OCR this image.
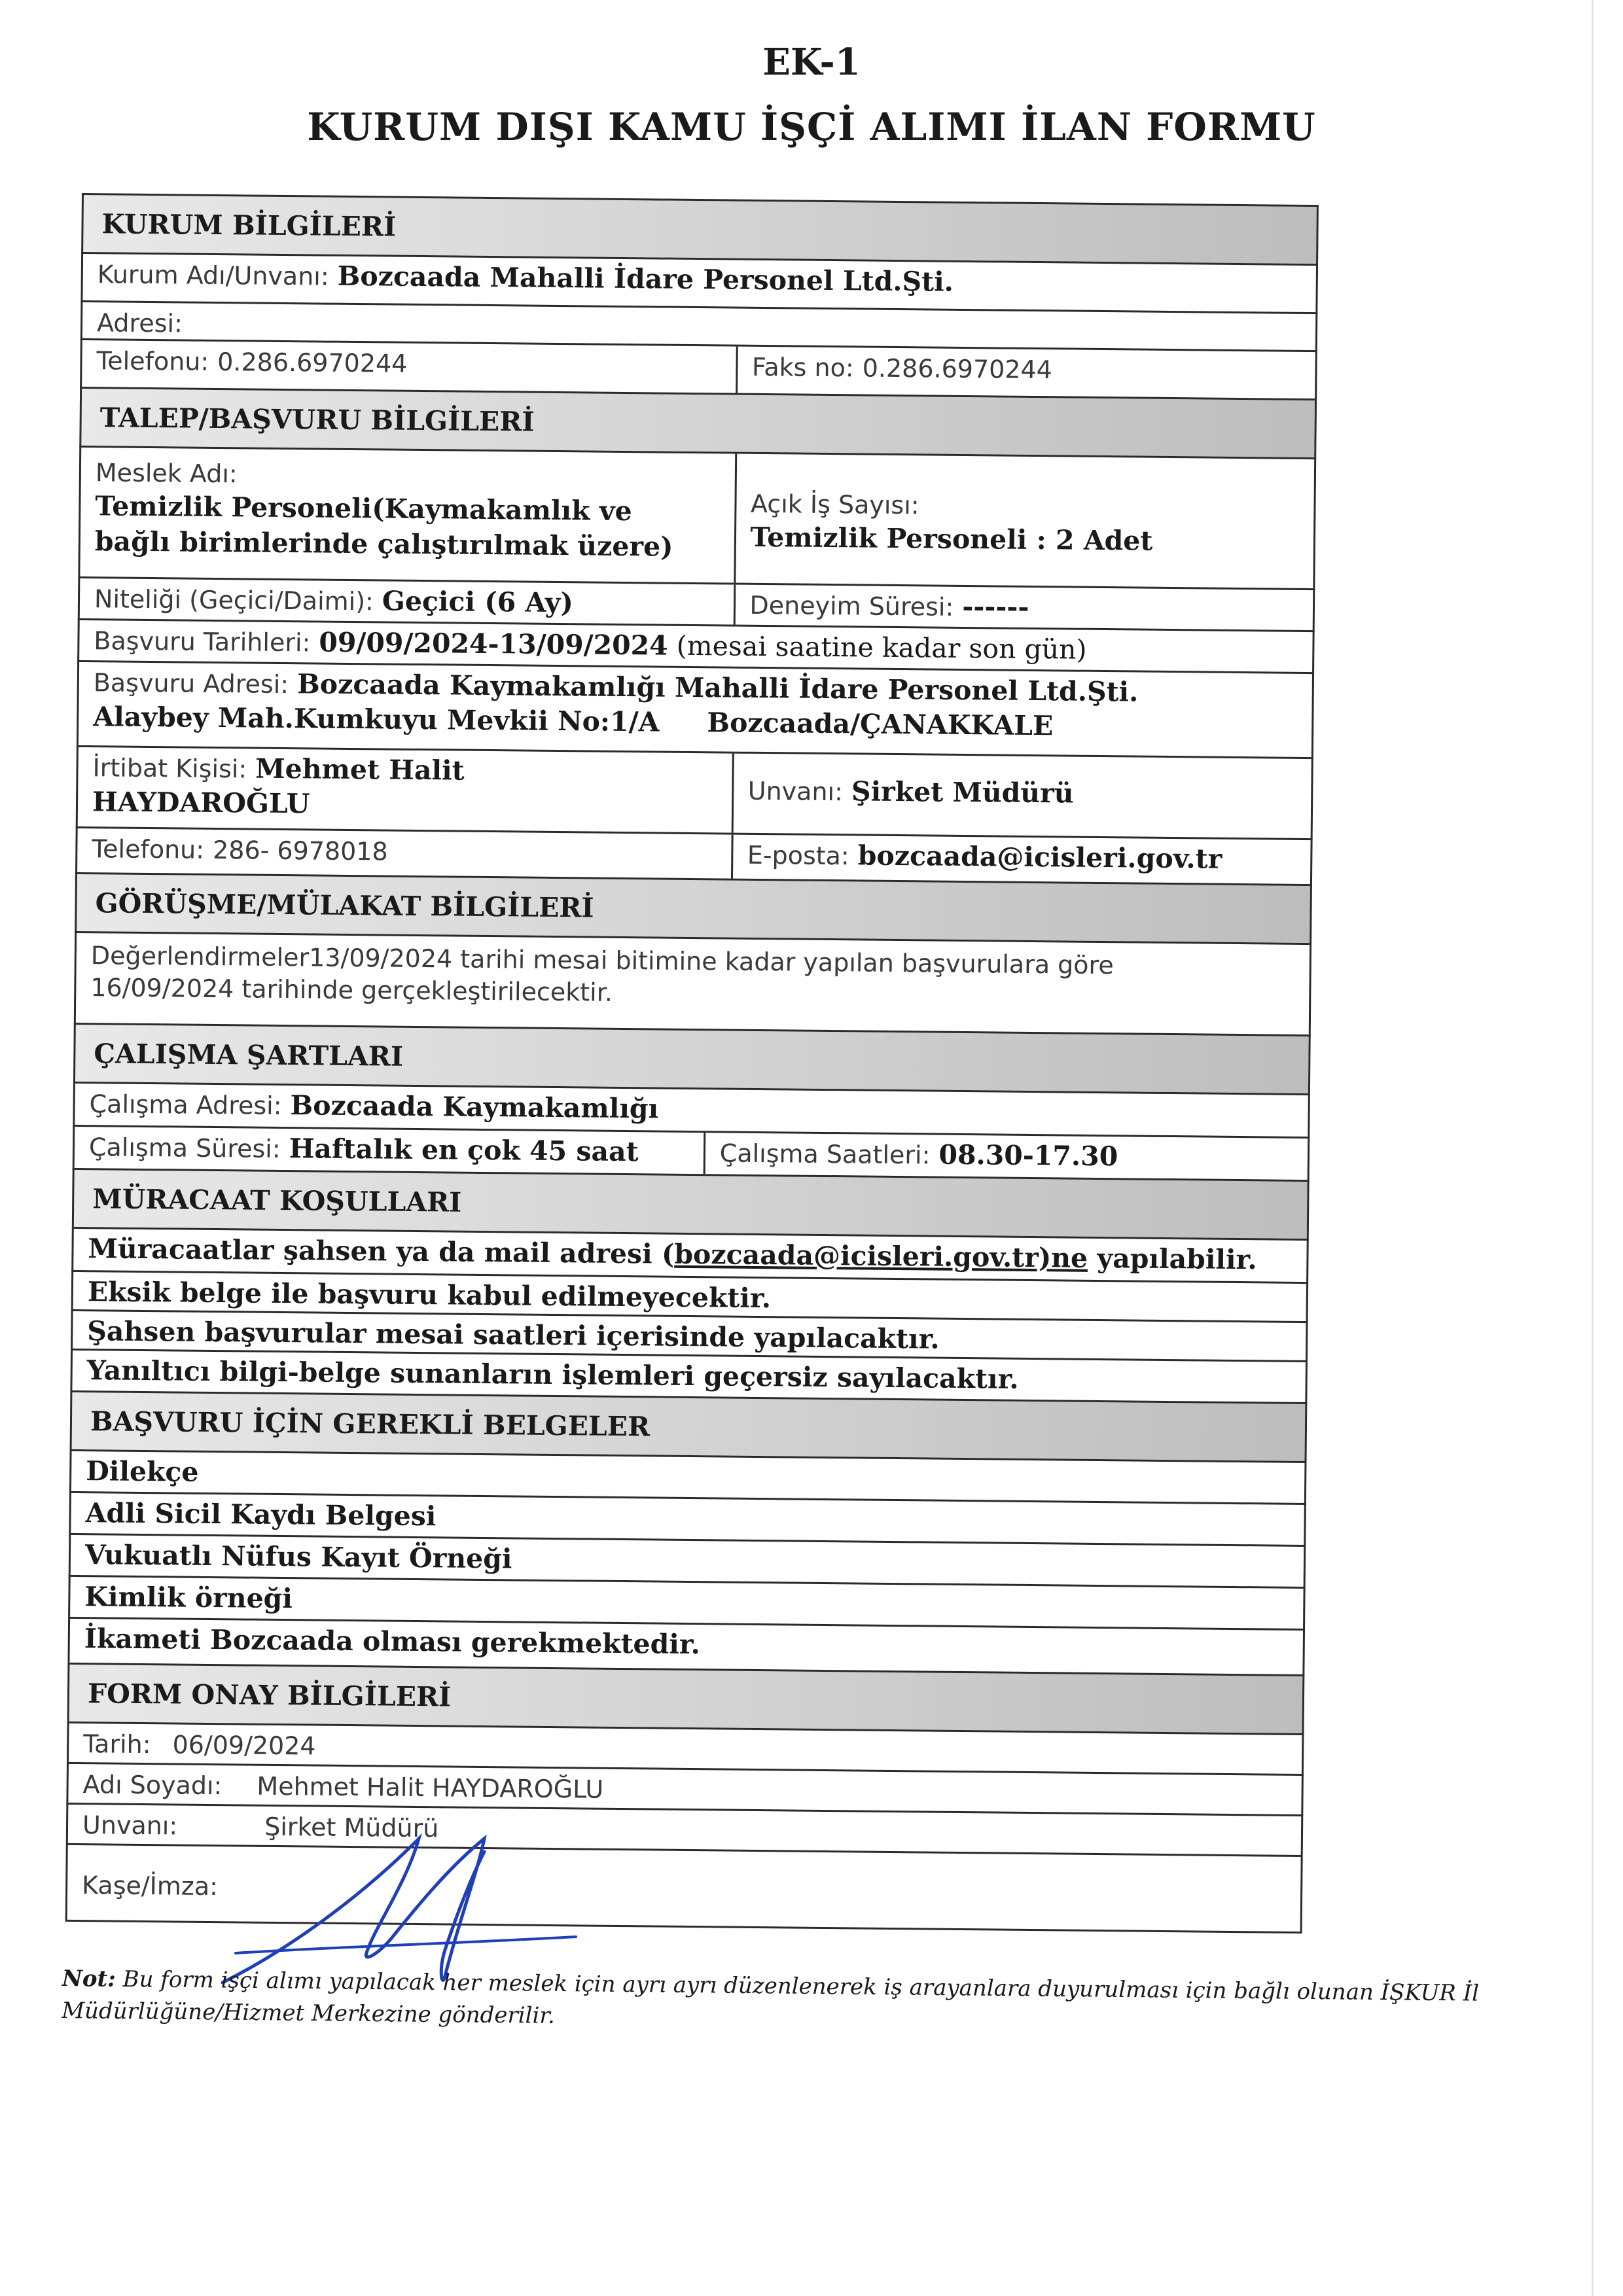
EK-1
KURUM DIŞI KAMU İŞÇİ ALIMI İLAN FORMU
KURUM BİLGİLERİ
Kurum Adı/Unvanı: Bozcaada Mahalli İdare Personel Ltd.Şti.
Adresi:
Telefonu: 0.286.6970244	Faks no: 0.286.6970244
TALEP/BAŞVURU BİLGİLERİ
Meslek Adı:
Temizlik Personeli(Kaymakamlık ve
bağlı birimlerinde çalıştırılmak üzere)
Açık İş Sayısı:
Temizlik Personeli : 2 Adet
Niteliği (Geçici/Daimi): Geçici (6 Ay)	Deneyim Süresi: ------
Başvuru Tarihleri: 09/09/2024-13/09/2024 (mesai saatine kadar son gün)
Başvuru Adresi: Bozcaada Kaymakamlığı Mahalli İdare Personel Ltd.Şti.
Alaybey Mah.Kumkuyu Mevkii No:1/A Bozcaada/ÇANAKKALE
İrtibat Kişisi: Mehmet Halit
HAYDAROĞLU	Unvanı: Şirket Müdürü
Telefonu: 286- 6978018	E-posta: bozcaada@icisleri.gov.tr
GÖRÜŞME/MÜLAKAT BİLGİLERİ
Değerlendirmeler13/09/2024 tarihi mesai bitimine kadar yapılan başvurulara göre
16/09/2024 tarihinde gerçekleştirilecektir.
ÇALIŞMA ŞARTLARI
Çalışma Adresi: Bozcaada Kaymakamlığı
Çalışma Süresi: Haftalık en çok 45 saat	Çalışma Saatleri: 08.30-17.30
MÜRACAAT KOŞULLARI
Müracaatlar şahsen ya da mail adresi (bozcaada@icisleri.gov.tr)ne yapılabilir.
Eksik belge ile başvuru kabul edilmeyecektir.
Şahsen başvurular mesai saatleri içerisinde yapılacaktır.
Yanıltıcı bilgi-belge sunanların işlemleri geçersiz sayılacaktır.
BAŞVURU İÇİN GEREKLİ BELGELER
Dilekçe
Adli Sicil Kaydı Belgesi
Vukuatlı Nüfus Kayıt Örneği
Kimlik örneği
İkameti Bozcaada olması gerekmektedir.
FORM ONAY BİLGİLERİ
Tarih: 06/09/2024
Adı Soyadı: Mehmet Halit HAYDAROĞLU
Unvanı:	Şirket Müdürü
Kaşe/İmza:
Not: Bu form işçi alımı yapılacak her meslek için ayrı ayrı düzenlenerek iş arayanlara duyurulması için bağlı olunan İŞKUR İl Müdürlüğüne/Hizmet Merkezine gönderilir.
